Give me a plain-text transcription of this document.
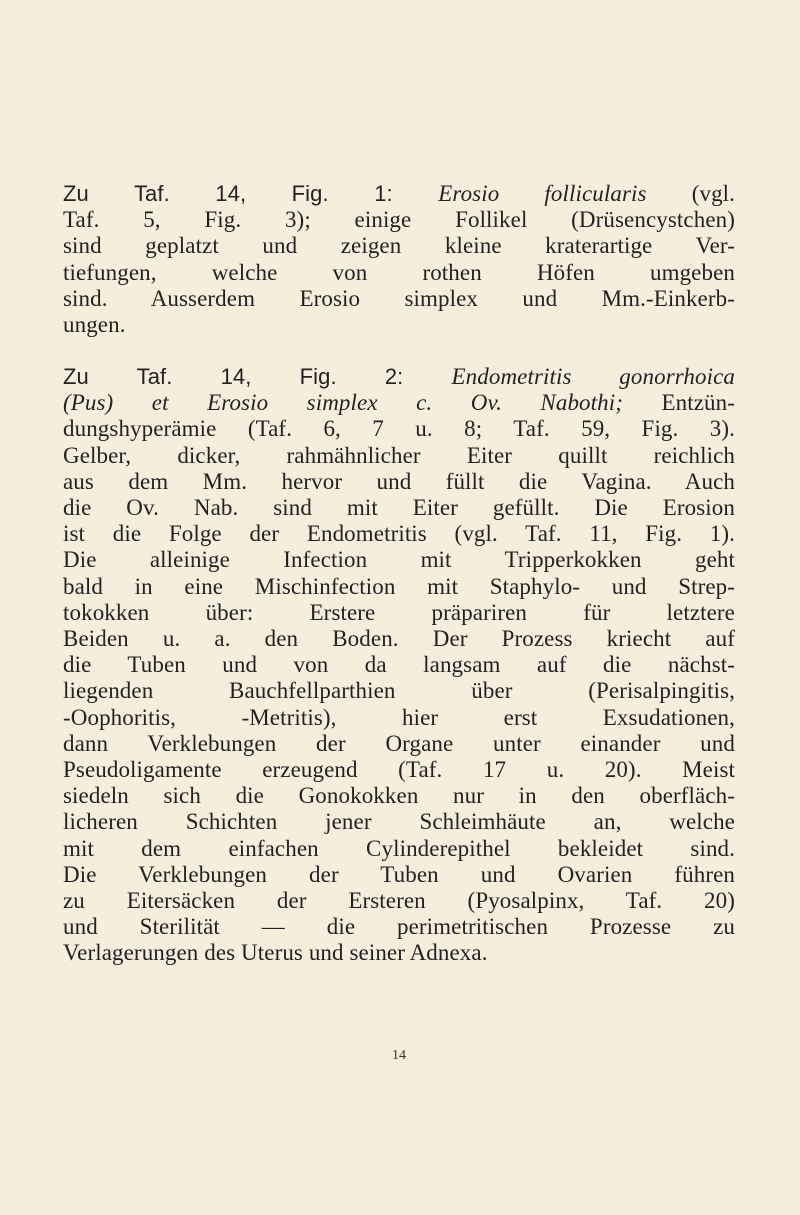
Zu Taf. 14, Fig. 1: Erosio follicularis (vgl.
Taf. 5, Fig. 3); einige Follikel (Drüsencystchen)
sind geplatzt und zeigen kleine kraterartige Ver-
tiefungen, welche von rothen Höfen umgeben
sind. Ausserdem Erosio simplex und Mm.-Einkerb-
ungen.
Zu Taf. 14, Fig. 2: Endometritis gonorrhoica
(Pus) et Erosio simplex c. Ov. Nabothi; Entzün-
dungshyperämie (Taf. 6, 7 u. 8; Taf. 59, Fig. 3).
Gelber, dicker, rahmähnlicher Eiter quillt reichlich
aus dem Mm. hervor und füllt die Vagina. Auch
die Ov. Nab. sind mit Eiter gefüllt. Die Erosion
ist die Folge der Endometritis (vgl. Taf. 11, Fig. 1).
Die alleinige Infection mit Tripperkokken geht
bald in eine Mischinfection mit Staphylo- und Strep-
tokokken über: Erstere präpariren für letztere
Beiden u. a. den Boden. Der Prozess kriecht auf
die Tuben und von da langsam auf die nächst-
liegenden Bauchfellparthien über (Perisalpingitis,
-Oophoritis, -Metritis), hier erst Exsudationen,
dann Verklebungen der Organe unter einander und
Pseudoligamente erzeugend (Taf. 17 u. 20). Meist
siedeln sich die Gonokokken nur in den oberfläch-
licheren Schichten jener Schleimhäute an, welche
mit dem einfachen Cylinderepithel bekleidet sind.
Die Verklebungen der Tuben und Ovarien führen
zu Eitersäcken der Ersteren (Pyosalpinx, Taf. 20)
und Sterilität — die perimetritischen Prozesse zu
Verlagerungen des Uterus und seiner Adnexa.
14
